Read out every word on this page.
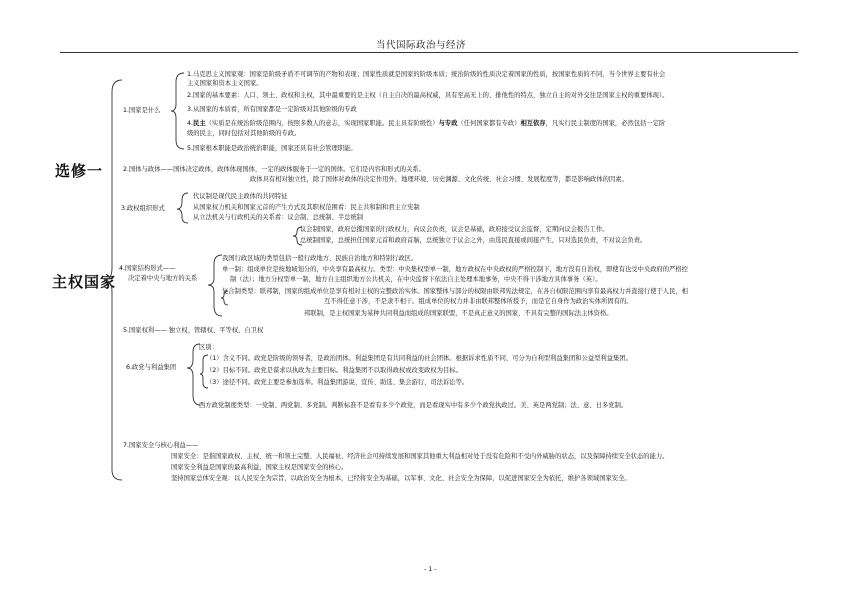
当代国际政治与经济
选修一
主权国家
1.国家是什么
1.马克思主义国家观：国家是阶级矛盾不可调节的产物和表现；国家性质就是国家的阶级本质；统治阶级的性质决定着国家的性质，按国家性质的不同，当今世界主要有社会
主义国家和资本主义国家。
2.国家的基本要素：人口、领土、政权和主权，其中最重要的是主权（自主自决的最高权威，具有至高无上的、排他性的特点，独立自主的对外交往是国家主权的重要体现）。
3.从国家的本质看，所有国家都是一定阶级对其他阶级的专政
4.民主（实质是在统治阶级范围内，按照多数人的意志，实现国家职能。民主具有阶级性）与专政（任何国家都有专政）相互依存，凡实行民主制度的国家，必然包括一定阶
级的民主，同时包括对其他阶级的专政。
5.国家根本职能是政治统治职能，国家还具有社会管理职能。
2.国体与政体——国体决定政体，政体体现国体，一定的政体服务于一定的国体。它们是内容和形式的关系。
政体具有相对独立性，除了国体对政体的决定作用外，地理环境、历史渊源、文化传统、社会习惯、发展程度等，都是影响政体的因素。
3.政权组织形式
代议制是现代民主政体的共同特征
从国家权力机关和国家元首的产生方式及其职权范围看：民主共和制和君主立宪制
从立法机关与行政机关的关系看：议会制、总统制、半总统制
议会制国家，政府总揽国家的行政权力，向议会负责，议会是基础，政府接受议会监督，定期向议会报告工作。
总统制国家，总统担任国家元首和政府首脑，总统独立于议会之外，由选民直接或间接产生，只对选民负责，不对议会负责。
4.国家结构形式——
决定着中央与地方的关系
我国行政区域的类型包括一般行政地方、民族自治地方和特别行政区。
单一制：组成单位是按地域划分的，中央享有最高权力。类型：中央集权型单一制，地方政权在中央政权的严格控制下，地方没有自治权，即使有也受中央政府的严格控
制（法）；地方分权型单一制，地方自主组织地方公共机关，在中央监督下依法自主处理本地事务，中央不得干涉地方具体事务（英）。
复合制类型：联邦制，国家的组成单位是享有相对主权的完整政治实体。国家整体与部分的权限由联邦宪法规定，在各自权限范围内享有最高权力并直接行使于人民，相
互不得任意干涉，不是隶不相干。组成单位的权力并非由联邦整体所授予，而是它自身作为政治实体所固有的。
邦联制，是主权国家为某种共同利益而组成的国家联盟，不是真正意义的国家，不具有完整的国际法主体资格。
5.国家权利—— 独立权、管辖权、平等权、自卫权
6.政党与利益集团
区别：
（1）含义不同。政党是阶级的领导者，是政治团体。利益集团是有共同利益的社会团体。根据诉求性质不同，可分为自利型利益集团和公益型利益集团。
（2）目标不同。政党是谋求以执政为主要目标。利益集团不以取得政权或改变政权为目标。
（3）途径不同。政党主要是参加选举。利益集团游说、宣传、助选、集会游行、司法诉讼等。
西方政党制度类型：一党制、两党制、多党制。判断标准不是看有多少个政党，而是看现实中有多少个政党执政过。美、英是两党制；法、意、日多党制。
7.国家安全与核心利益——
国家安全：是指国家政权、主权、统一和领土完整、人民福祉、经济社会可持续发展和国家其他重大利益相对处于没有危险和不受内外威胁的状态，以及保障持续安全状态的能力。
国家安全利益是国家的最高利益，国家主权是国家安全的核心。
坚持国家总体安全观：以人民安全为宗旨，以政治安全为根本，已经将安全为基础，以军事、文化、社会安全为保障，以促进国家安全为依托，维护各领域国家安全。
- 1 -
